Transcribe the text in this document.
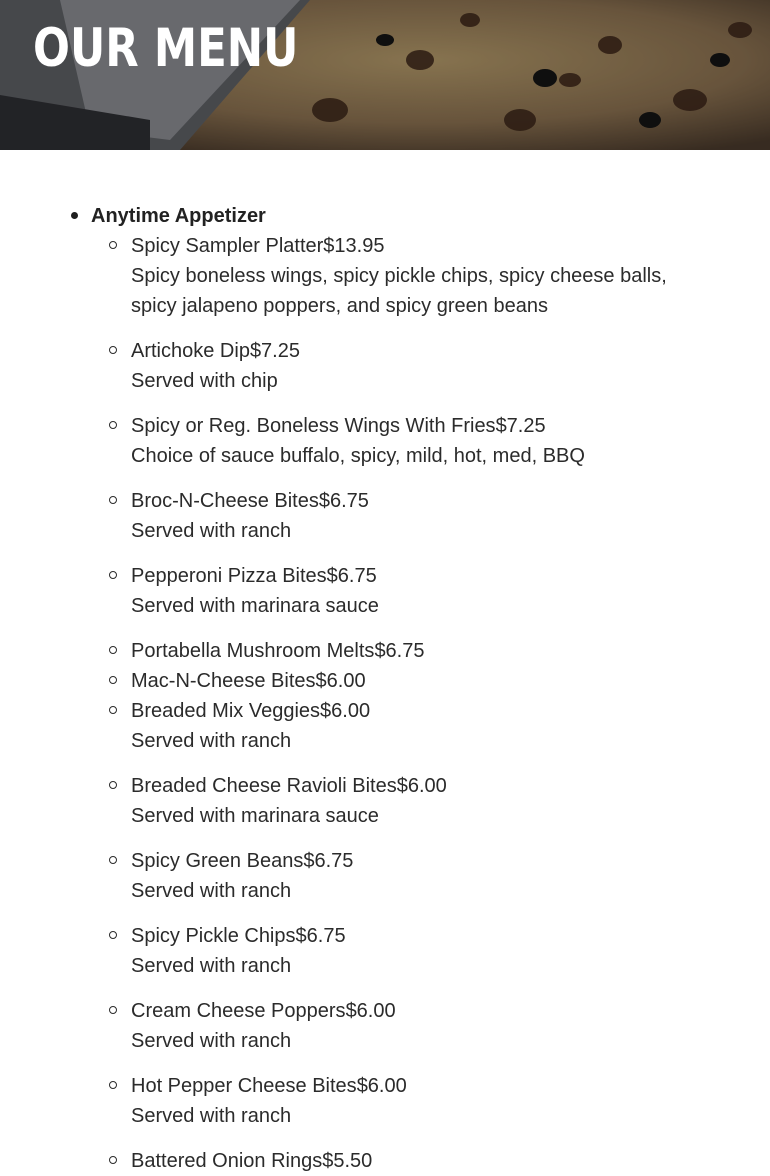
OUR MENU
Anytime Appetizer
Spicy Sampler Platter$13.95
Spicy boneless wings, spicy pickle chips, spicy cheese balls, spicy jalapeno poppers, and spicy green beans
Artichoke Dip$7.25
Served with chip
Spicy or Reg. Boneless Wings With Fries$7.25
Choice of sauce buffalo, spicy, mild, hot, med, BBQ
Broc-N-Cheese Bites$6.75
Served with ranch
Pepperoni Pizza Bites$6.75
Served with marinara sauce
Portabella Mushroom Melts$6.75
Mac-N-Cheese Bites$6.00
Breaded Mix Veggies$6.00
Served with ranch
Breaded Cheese Ravioli Bites$6.00
Served with marinara sauce
Spicy Green Beans$6.75
Served with ranch
Spicy Pickle Chips$6.75
Served with ranch
Cream Cheese Poppers$6.00
Served with ranch
Hot Pepper Cheese Bites$6.00
Served with ranch
Battered Onion Rings$5.50
